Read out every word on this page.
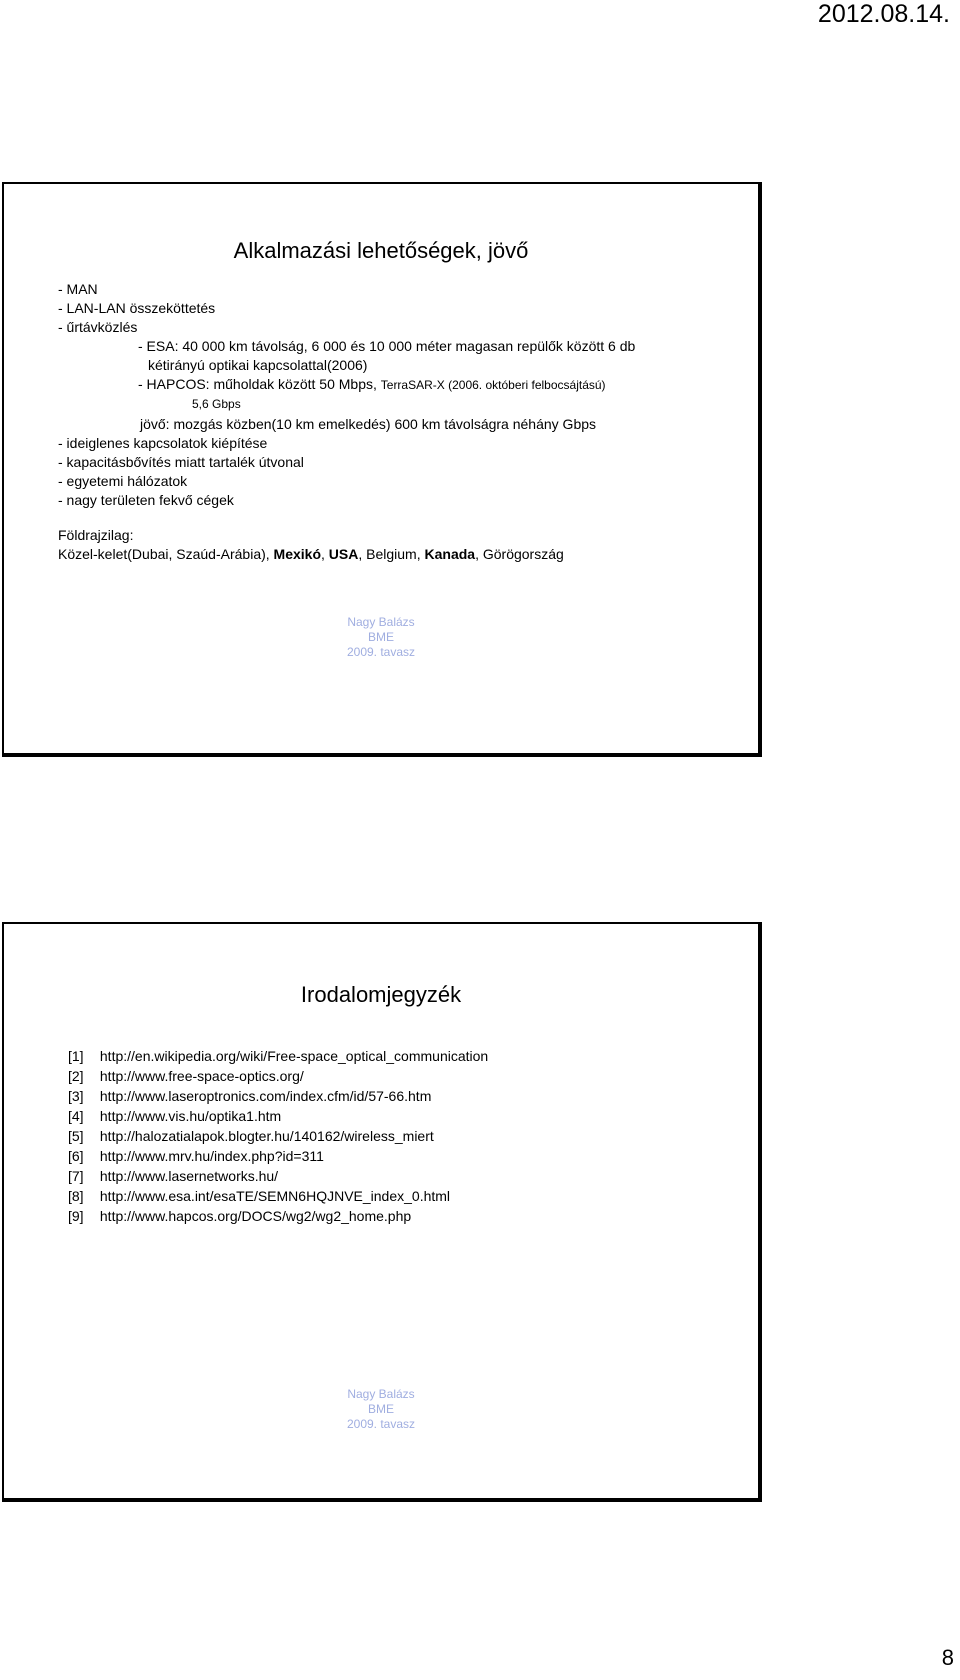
2012.08.14.
Alkalmazási lehetőségek, jövő
- MAN
- LAN-LAN összeköttetés
- űrtávközlés
- ESA: 40 000 km távolság, 6 000 és 10 000 méter magasan repülők között 6 db
kétirányú optikai kapcsolattal(2006)
- HAPCOS: műholdak között 50 Mbps, TerraSAR-X (2006. októberi felbocsájtású)
5,6 Gbps
jövő: mozgás közben(10 km emelkedés) 600 km távolságra néhány Gbps
- ideiglenes kapcsolatok kiépítése
- kapacitásbővítés miatt tartalék útvonal
- egyetemi hálózatok
- nagy területen fekvő cégek
Földrajzilag:
Közel-kelet(Dubai, Szaúd-Arábia), Mexikó, USA, Belgium, Kanada, Görögország
Nagy Balázs
BME
2009. tavasz
Irodalomjegyzék
[1] http://en.wikipedia.org/wiki/Free-space_optical_communication
[2] http://www.free-space-optics.org/
[3] http://www.laseroptronics.com/index.cfm/id/57-66.htm
[4] http://www.vis.hu/optika1.htm
[5] http://halozatialapok.blogter.hu/140162/wireless_miert
[6] http://www.mrv.hu/index.php?id=311
[7] http://www.lasernetworks.hu/
[8] http://www.esa.int/esaTE/SEMN6HQJNVE_index_0.html
[9] http://www.hapcos.org/DOCS/wg2/wg2_home.php
Nagy Balázs
BME
2009. tavasz
8
